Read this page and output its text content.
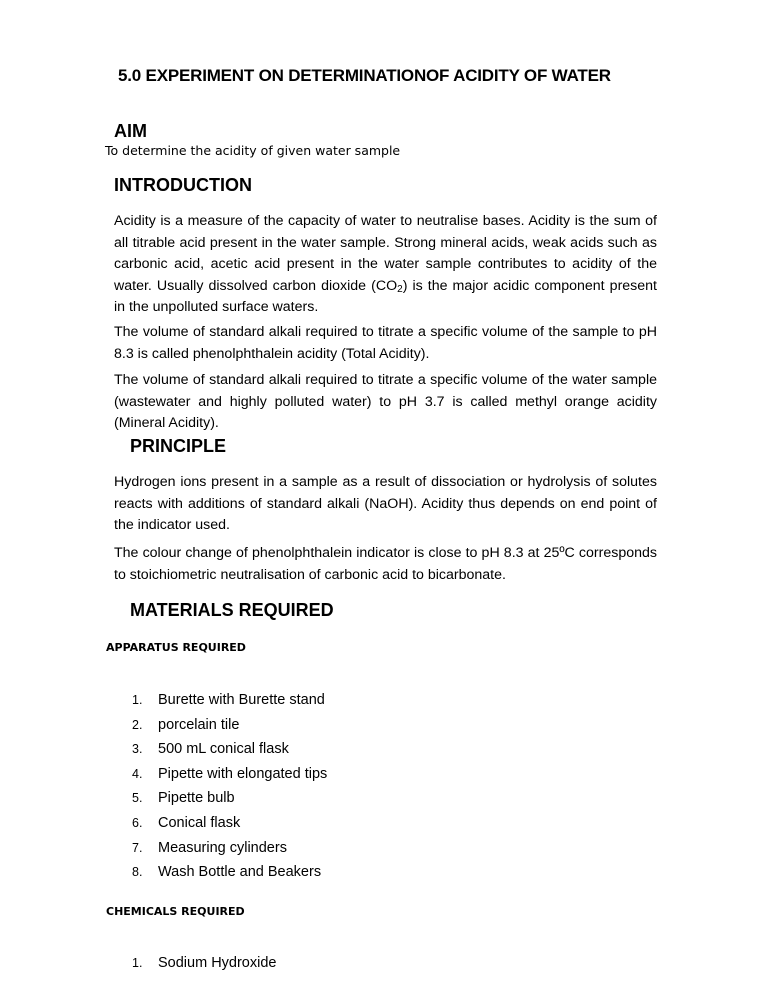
5.0 EXPERIMENT ON DETERMINATIONOF ACIDITY OF WATER
AIM

To determine the acidity of given water sample

INTRODUCTION

Acidity is a measure of the capacity of water to neutralise bases. Acidity is the sum of all titrable acid present in the water sample. Strong mineral acids, weak acids such as carbonic acid, acetic acid present in the water sample contributes to acidity of the water. Usually dissolved carbon dioxide $(CO_2)$ is the major acidic component present in the unpolluted surface waters.

The volume of standard alkali required to titrate a specific volume of the sample to pH 8.3 is called phenolphthalein acidity (Total Acidity).

The volume of standard alkali required to titrate a specific volume of the water sample (wastewater and highly polluted water) to pH 3.7 is called methyl orange acidity (Mineral Acidity).

PRINCIPLE

Hydrogen ions present in a sample as a result of dissociation or hydrolysis of solutes reacts with additions of standard alkali (NaOH). Acidity thus depends on end point of the indicator used.

The colour change of phenolphthalein indicator is close to pH 8.3 at 25ºC corresponds to stoichiometric neutralisation of carbonic acid to bicarbonate.

MATERIALS REQUIRED
APPARATUS REQUIRED
1. Burette with Burette stand
2. porcelain tile
3. 500 mL conical flask
4. Pipette with elongated tips
5. Pipette bulb
6. Conical flask
7. Measuring cylinders
8. Wash Bottle and Beakers
CHEMICALS REQUIRED
1. Sodium Hydroxide
